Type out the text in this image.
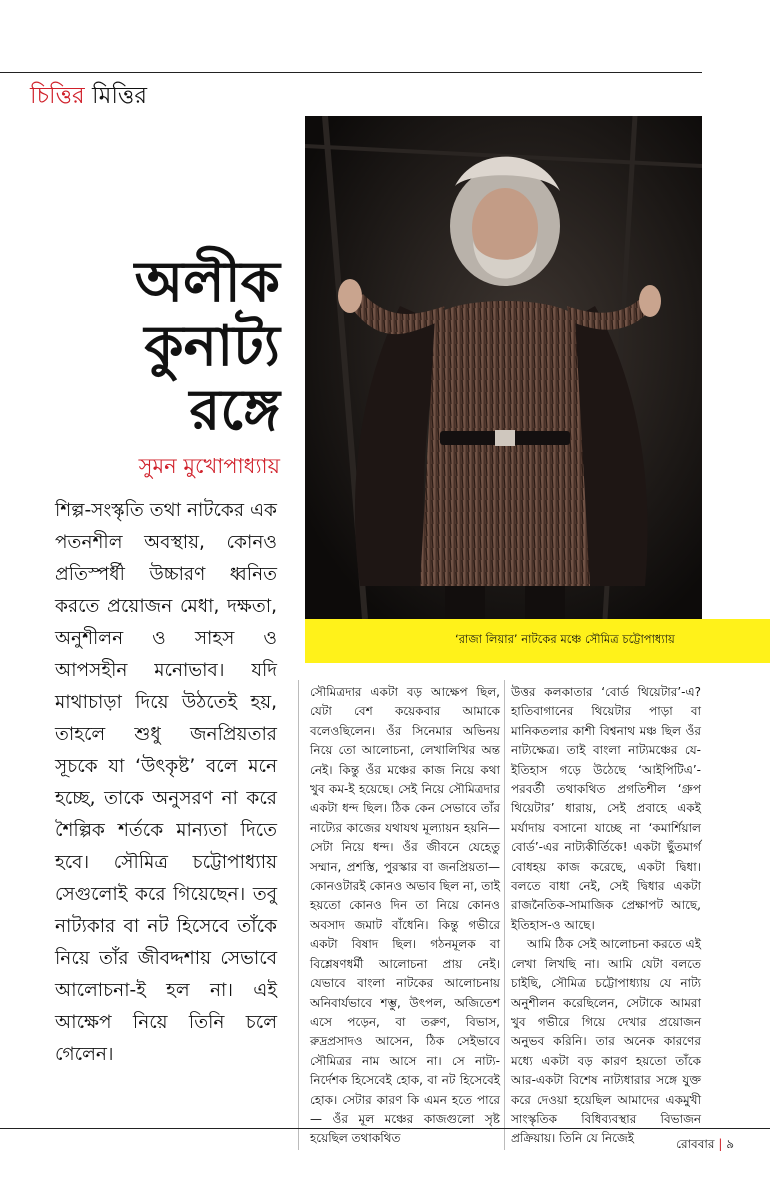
চিত্তির মিত্তির
‘রাজা লিয়ার’ নাটকের মঞ্চে সৌমিত্র চট্টোপাধ্যায়
অলীক
কুনাট্য
রঙ্গে
সুমন মুখোপাধ্যায়

শিল্প-সংস্কৃতি তথা নাটকের এক পতনশীল অবস্থায়, কোনও প্রতিস্পর্ধী উচ্চারণ ধ্বনিত করতে প্রয়োজন মেধা, দক্ষতা, অনুশীলন ও সাহস ও আপসহীন মনোভাব। যদি মাথাচাড়া দিয়ে উঠতেই হয়, তাহলে শুধু জনপ্রিয়তার সূচকে যা ‘উৎকৃষ্ট’ বলে মনে হচ্ছে, তাকে অনুসরণ না করে শৈল্পিক শর্তকে মান্যতা দিতে হবে। সৌমিত্র চট্টোপাধ্যায় সেগুলোই করে গিয়েছেন। তবু নাট্যকার বা নট হিসেবে তাঁকে নিয়ে তাঁর জীবদ্দশায় সেভাবে আলোচনা-ই হল না। এই আক্ষেপ নিয়ে তিনি চলে গেলেন।

সৌমিত্রদার একটা বড় আক্ষেপ ছিল, যেটা বেশ কয়েকবার আমাকে বলেওছিলেন। ওঁর সিনেমার অভিনয় নিয়ে তো আলোচনা, লেখালিখির অন্ত নেই। কিন্তু ওঁর মঞ্চের কাজ নিয়ে কথা খুব কম-ই হয়েছে। সেই নিয়ে সৌমিত্রদার একটা ধন্দ ছিল। ঠিক কেন সেভাবে তাঁর নাট্যের কাজের যথাযথ মূল্যায়ন হয়নি— সেটা নিয়ে ধন্দ। ওঁর জীবনে যেহেতু সম্মান, প্রশস্তি, পুরস্কার বা জনপ্রিয়তা— কোনওটারই কোনও অভাব ছিল না, তাই হয়তো কোনও দিন তা নিয়ে কোনও অবসাদ জমাট বাঁধেনি। কিন্তু গভীরে একটা বিষাদ ছিল। গঠনমূলক বা বিশ্লেষণধর্মী আলোচনা প্রায় নেই। যেভাবে বাংলা নাটকের আলোচনায় অনিবার্যভাবে শম্ভু, উৎপল, অজিতেশ এসে পড়েন, বা তরুণ, বিভাস, রুদ্রপ্রসাদও আসেন, ঠিক সেইভাবে সৌমিত্রর নাম আসে না। সে নাট্য-নির্দেশক হিসেবেই হোক, বা নট হিসেবেই হোক। সেটার কারণ কি এমন হতে পারে— ওঁর মূল মঞ্চের কাজগুলো সৃষ্ট হয়েছিল তথাকথিত

উত্তর কলকাতার ‘বোর্ড থিয়েটার’-এ? হাতিবাগানের থিয়েটার পাড়া বা মানিকতলার কাশী বিশ্বনাথ মঞ্চ ছিল ওঁর নাট্যক্ষেত্র। তাই বাংলা নাট্যমঞ্চের যে-ইতিহাস গড়ে উঠেছে ‘আইপিটিএ’-পরবর্তী তথাকথিত প্রগতিশীল ‘গ্রুপ থিয়েটার’ ধারায়, সেই প্রবাহে একই মর্যাদায় বসানো যাচ্ছে না ‘কমার্শিয়াল বোর্ড’-এর নাট্যকীর্তিকে! একটা ছুঁতমার্গ বোধহয় কাজ করেছে, একটা দ্বিধা। বলতে বাধা নেই, সেই দ্বিধার একটা রাজনৈতিক-সামাজিক প্রেক্ষাপট আছে, ইতিহাস-ও আছে।

আমি ঠিক সেই আলোচনা করতে এই লেখা লিখছি না। আমি যেটা বলতে চাইছি, সৌমিত্র চট্টোপাধ্যায় যে নাট্য অনুশীলন করেছিলেন, সেটাকে আমরা খুব গভীরে গিয়ে দেখার প্রয়োজন অনুভব করিনি। তার অনেক কারণের মধ্যে একটা বড় কারণ হয়তো তাঁকে আর-একটা বিশেষ নাট্যধারার সঙ্গে যুক্ত করে দেওয়া হয়েছিল আমাদের একমুখী সাংস্কৃতিক বিধিব্যবস্থার বিভাজন প্রক্রিয়ায়। তিনি যে নিজেই	রোববার | ৯
